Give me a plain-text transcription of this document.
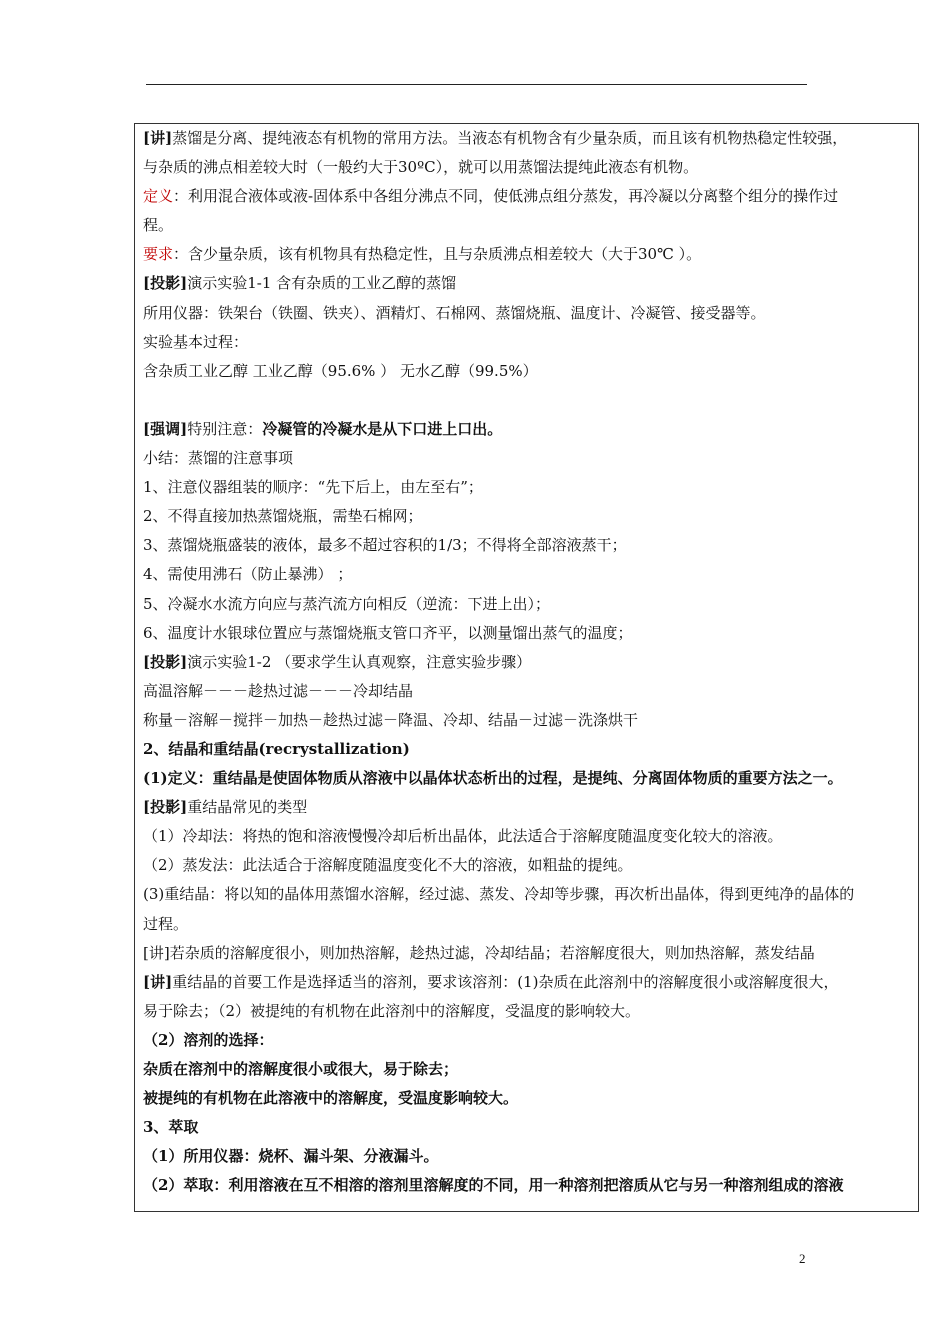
[讲]蒸馏是分离、提纯液态有机物的常用方法。当液态有机物含有少量杂质，而且该有机物热稳定性较强，
与杂质的沸点相差较大时（一般约大于30ºC），就可以用蒸馏法提纯此液态有机物。
定义：利用混合液体或液-固体系中各组分沸点不同，使低沸点组分蒸发，再冷凝以分离整个组分的操作过
程。
要求：含少量杂质，该有机物具有热稳定性，且与杂质沸点相差较大（大于30℃ ）。
[投影]演示实验1-1 含有杂质的工业乙醇的蒸馏
所用仪器：铁架台（铁圈、铁夹）、酒精灯、石棉网、蒸馏烧瓶、温度计、冷凝管、接受器等。
实验基本过程：
含杂质工业乙醇 工业乙醇（95.6% ） 无水乙醇（99.5%）
[强调]特别注意：冷凝管的冷凝水是从下口进上口出。
小结：蒸馏的注意事项
1、注意仪器组装的顺序：“先下后上，由左至右”；
2、不得直接加热蒸馏烧瓶，需垫石棉网；
3、蒸馏烧瓶盛装的液体，最多不超过容积的1/3；不得将全部溶液蒸干；
4、需使用沸石（防止暴沸） ；
5、冷凝水水流方向应与蒸汽流方向相反（逆流：下进上出）；
6、温度计水银球位置应与蒸馏烧瓶支管口齐平，以测量馏出蒸气的温度；
[投影]演示实验1-2 （要求学生认真观察，注意实验步骤）
高温溶解－－－趁热过滤－－－冷却结晶
称量－溶解－搅拌－加热－趁热过滤－降温、冷却、结晶－过滤－洗涤烘干
2、结晶和重结晶(recrystallization)
(1)定义：重结晶是使固体物质从溶液中以晶体状态析出的过程，是提纯、分离固体物质的重要方法之一。
[投影]重结晶常见的类型
（1）冷却法：将热的饱和溶液慢慢冷却后析出晶体，此法适合于溶解度随温度变化较大的溶液。
（2）蒸发法：此法适合于溶解度随温度变化不大的溶液，如粗盐的提纯。
(3)重结晶：将以知的晶体用蒸馏水溶解，经过滤、蒸发、冷却等步骤，再次析出晶体，得到更纯净的晶体的
过程。
[讲]若杂质的溶解度很小，则加热溶解，趁热过滤，冷却结晶；若溶解度很大，则加热溶解，蒸发结晶
[讲]重结晶的首要工作是选择适当的溶剂，要求该溶剂：(1)杂质在此溶剂中的溶解度很小或溶解度很大，
易于除去；（2）被提纯的有机物在此溶剂中的溶解度，受温度的影响较大。
（2）溶剂的选择：
杂质在溶剂中的溶解度很小或很大，易于除去；
被提纯的有机物在此溶液中的溶解度，受温度影响较大。
3、萃取
（1）所用仪器：烧杯、漏斗架、分液漏斗。
（2）萃取：利用溶液在互不相溶的溶剂里溶解度的不同，用一种溶剂把溶质从它与另一种溶剂组成的溶液
2
